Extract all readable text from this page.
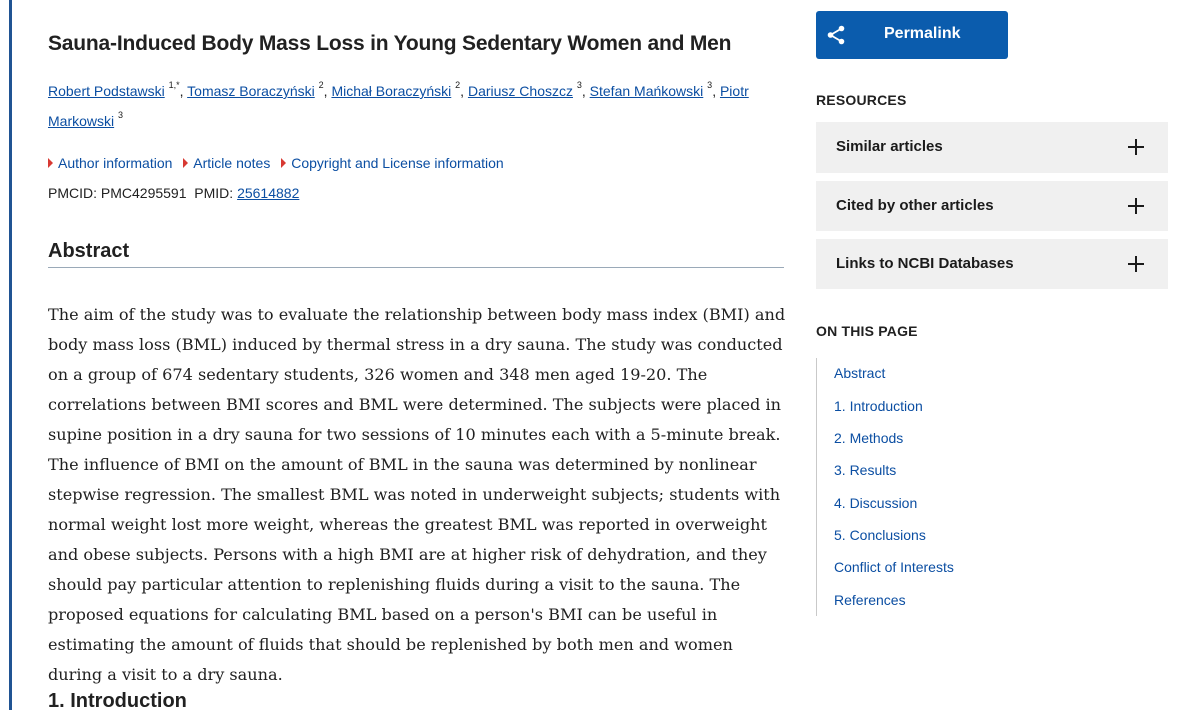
Sauna-Induced Body Mass Loss in Young Sedentary Women and Men
Robert Podstawski $^{1,*}$, Tomasz Boraczyński $^2$, Michał Boraczyński $^2$, Dariusz Choszcz $^3$, Stefan Mańkowski $^3$, Piotr
Markowski $^3$
Author information Article notes Copyright and License information
PMCID: PMC4295591 PMID: 25614882
Abstract

The aim of the study was to evaluate the relationship between body mass index (BMI) and body mass loss (BML) induced by thermal stress in a dry sauna. The study was conducted on a group of 674 sedentary students, 326 women and 348 men aged 19-20. The correlations between BMI scores and BML were determined. The subjects were placed in supine position in a dry sauna for two sessions of 10 minutes each with a 5-minute break. The influence of BMI on the amount of BML in the sauna was determined by nonlinear stepwise regression. The smallest BML was noted in underweight subjects; students with normal weight lost more weight, whereas the greatest BML was reported in overweight and obese subjects. Persons with a high BMI are at higher risk of dehydration, and they should pay particular attention to replenishing fluids during a visit to the sauna. The proposed equations for calculating BML based on a person's BMI can be useful in estimating the amount of fluids that should be replenished by both men and women during a visit to a dry sauna.

1. Introduction
Permalink
RESOURCES
Similar articles
Cited by other articles
Links to NCBI Databases
ON THIS PAGE
Abstract
1. Introduction
2. Methods
3. Results
4. Discussion
5. Conclusions
Conflict of Interests
References
